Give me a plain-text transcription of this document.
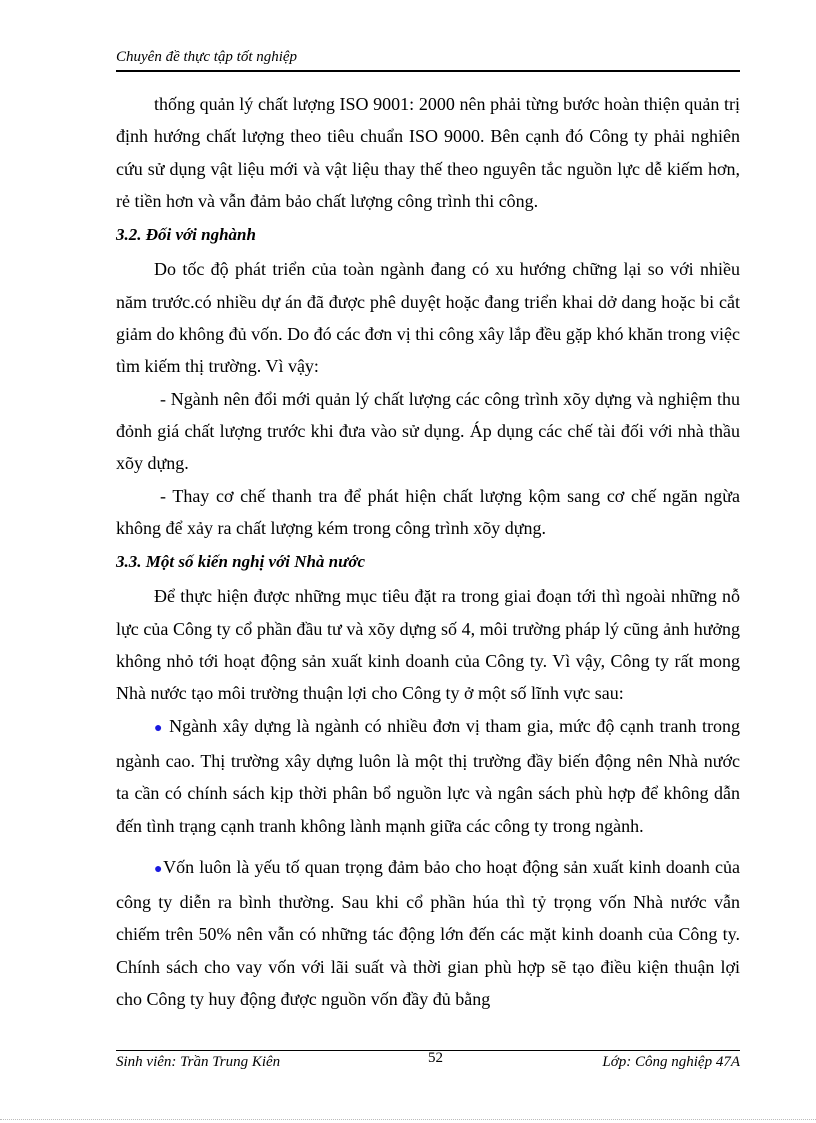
Chuyên đề thực tập tốt nghiệp

thống quản lý chất lượng ISO 9001: 2000 nên phải từng bước hoàn thiện quản trị định hướng chất lượng theo tiêu chuẩn ISO 9000. Bên cạnh đó Công ty phải nghiên cứu sử dụng vật liệu mới và vật liệu thay thế theo nguyên tắc nguồn lực dễ kiếm hơn, rẻ tiền hơn và vẫn đảm bảo chất lượng công trình thi công.

3.2. Đối với nghành

Do tốc độ phát triển của toàn ngành đang có xu hướng chững lại so với nhiều năm trước.có nhiều dự án đã được phê duyệt hoặc đang triển khai dở dang hoặc bi cắt giảm do không đủ vốn. Do đó các đơn vị thi công xây lắp đều gặp khó khăn trong việc tìm kiếm thị trường. Vì vậy:

- Ngành nên đổi mới quản lý chất lượng các công trình xõy dựng và nghiệm thu đỏnh giá chất lượng trước khi đưa vào sử dụng. Áp dụng các chế tài đối với nhà thầu xõy dựng.

- Thay cơ chế thanh tra để phát hiện chất lượng kộm sang cơ chế ngăn ngừa không để xảy ra chất lượng kém trong công trình xõy dựng.

3.3. Một số kiến nghị với Nhà nước

Để thực hiện được những mục tiêu đặt ra trong giai đoạn tới thì ngoài những nỗ lực của Công ty cổ phần đầu tư và xõy dựng số 4, môi trường pháp lý cũng ảnh hưởng không nhỏ tới hoạt động sản xuất kinh doanh của Công ty. Vì vậy, Công ty rất mong Nhà nước tạo môi trường thuận lợi cho Công ty ở một số lĩnh vực sau:

● Ngành xây dựng là ngành có nhiều đơn vị tham gia, mức độ cạnh tranh trong ngành cao. Thị trường xây dựng luôn là một thị trường đầy biến động nên Nhà nước ta cần có chính sách kịp thời phân bổ nguồn lực và ngân sách phù hợp để không dẫn đến tình trạng cạnh tranh không lành mạnh giữa các công ty trong ngành.

●Vốn luôn là yếu tố quan trọng đảm bảo cho hoạt động sản xuất kinh doanh của công ty diễn ra bình thường. Sau khi cổ phần húa thì tỷ trọng vốn Nhà nước vẫn chiếm trên 50% nên vẫn có những tác động lớn đến các mặt kinh doanh của Công ty. Chính sách cho vay vốn với lãi suất và thời gian phù hợp sẽ tạo điều kiện thuận lợi cho Công ty huy động được nguồn vốn đầy đủ bằng

Sinh viên: Trần Trung Kiên	52	Lớp: Công nghiệp 47A
